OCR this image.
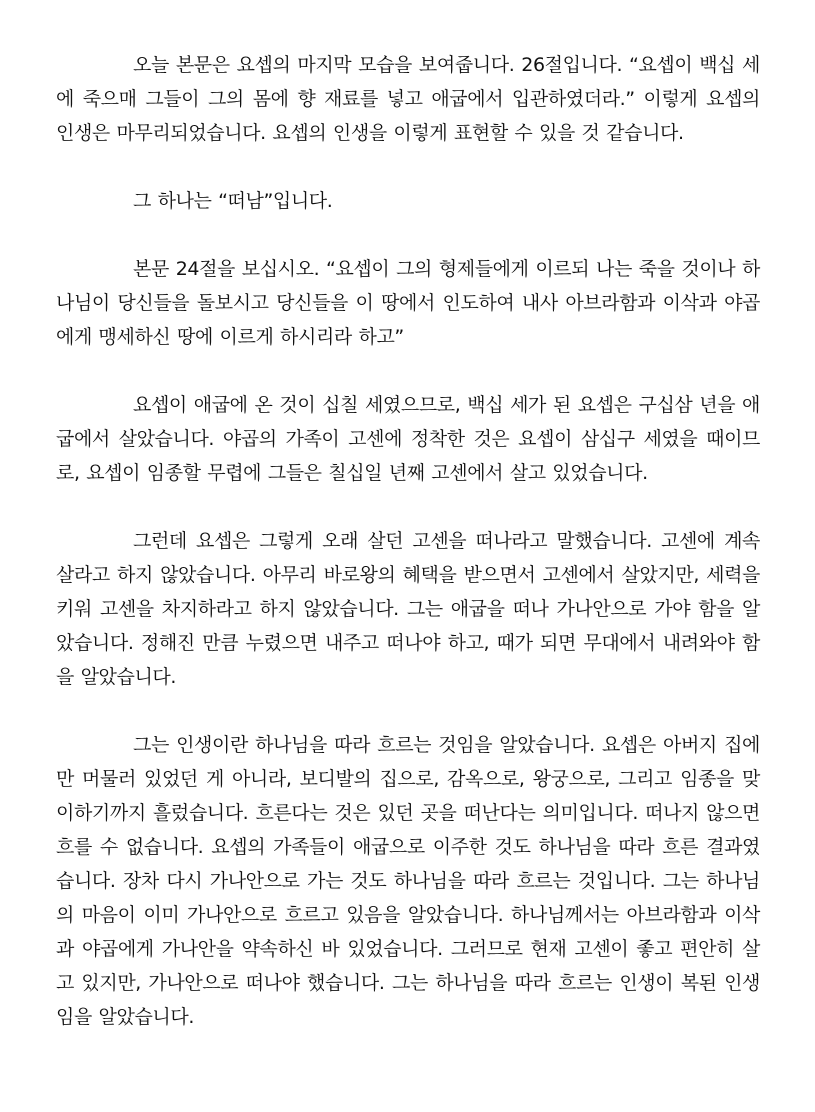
오늘 본문은 요셉의 마지막 모습을 보여줍니다. 26절입니다. “요셉이 백십 세에 죽으매 그들이 그의 몸에 향 재료를 넣고 애굽에서 입관하였더라.” 이렇게 요셉의 인생은 마무리되었습니다. 요셉의 인생을 이렇게 표현할 수 있을 것 같습니다.

그 하나는 “떠남”입니다.

본문 24절을 보십시오. “요셉이 그의 형제들에게 이르되 나는 죽을 것이나 하나님이 당신들을 돌보시고 당신들을 이 땅에서 인도하여 내사 아브라함과 이삭과 야곱에게 맹세하신 땅에 이르게 하시리라 하고”

요셉이 애굽에 온 것이 십칠 세였으므로, 백십 세가 된 요셉은 구십삼 년을 애굽에서 살았습니다. 야곱의 가족이 고센에 정착한 것은 요셉이 삼십구 세였을 때이므로, 요셉이 임종할 무렵에 그들은 칠십일 년째 고센에서 살고 있었습니다.

그런데 요셉은 그렇게 오래 살던 고센을 떠나라고 말했습니다. 고센에 계속 살라고 하지 않았습니다. 아무리 바로왕의 혜택을 받으면서 고센에서 살았지만, 세력을 키워 고센을 차지하라고 하지 않았습니다. 그는 애굽을 떠나 가나안으로 가야 함을 알았습니다. 정해진 만큼 누렸으면 내주고 떠나야 하고, 때가 되면 무대에서 내려와야 함을 알았습니다.

그는 인생이란 하나님을 따라 흐르는 것임을 알았습니다. 요셉은 아버지 집에만 머물러 있었던 게 아니라, 보디발의 집으로, 감옥으로, 왕궁으로, 그리고 임종을 맞이하기까지 흘렀습니다. 흐른다는 것은 있던 곳을 떠난다는 의미입니다. 떠나지 않으면 흐를 수 없습니다. 요셉의 가족들이 애굽으로 이주한 것도 하나님을 따라 흐른 결과였습니다. 장차 다시 가나안으로 가는 것도 하나님을 따라 흐르는 것입니다. 그는 하나님의 마음이 이미 가나안으로 흐르고 있음을 알았습니다. 하나님께서는 아브라함과 이삭과 야곱에게 가나안을 약속하신 바 있었습니다. 그러므로 현재 고센이 좋고 편안히 살고 있지만, 가나안으로 떠나야 했습니다. 그는 하나님을 따라 흐르는 인생이 복된 인생임을 알았습니다.
